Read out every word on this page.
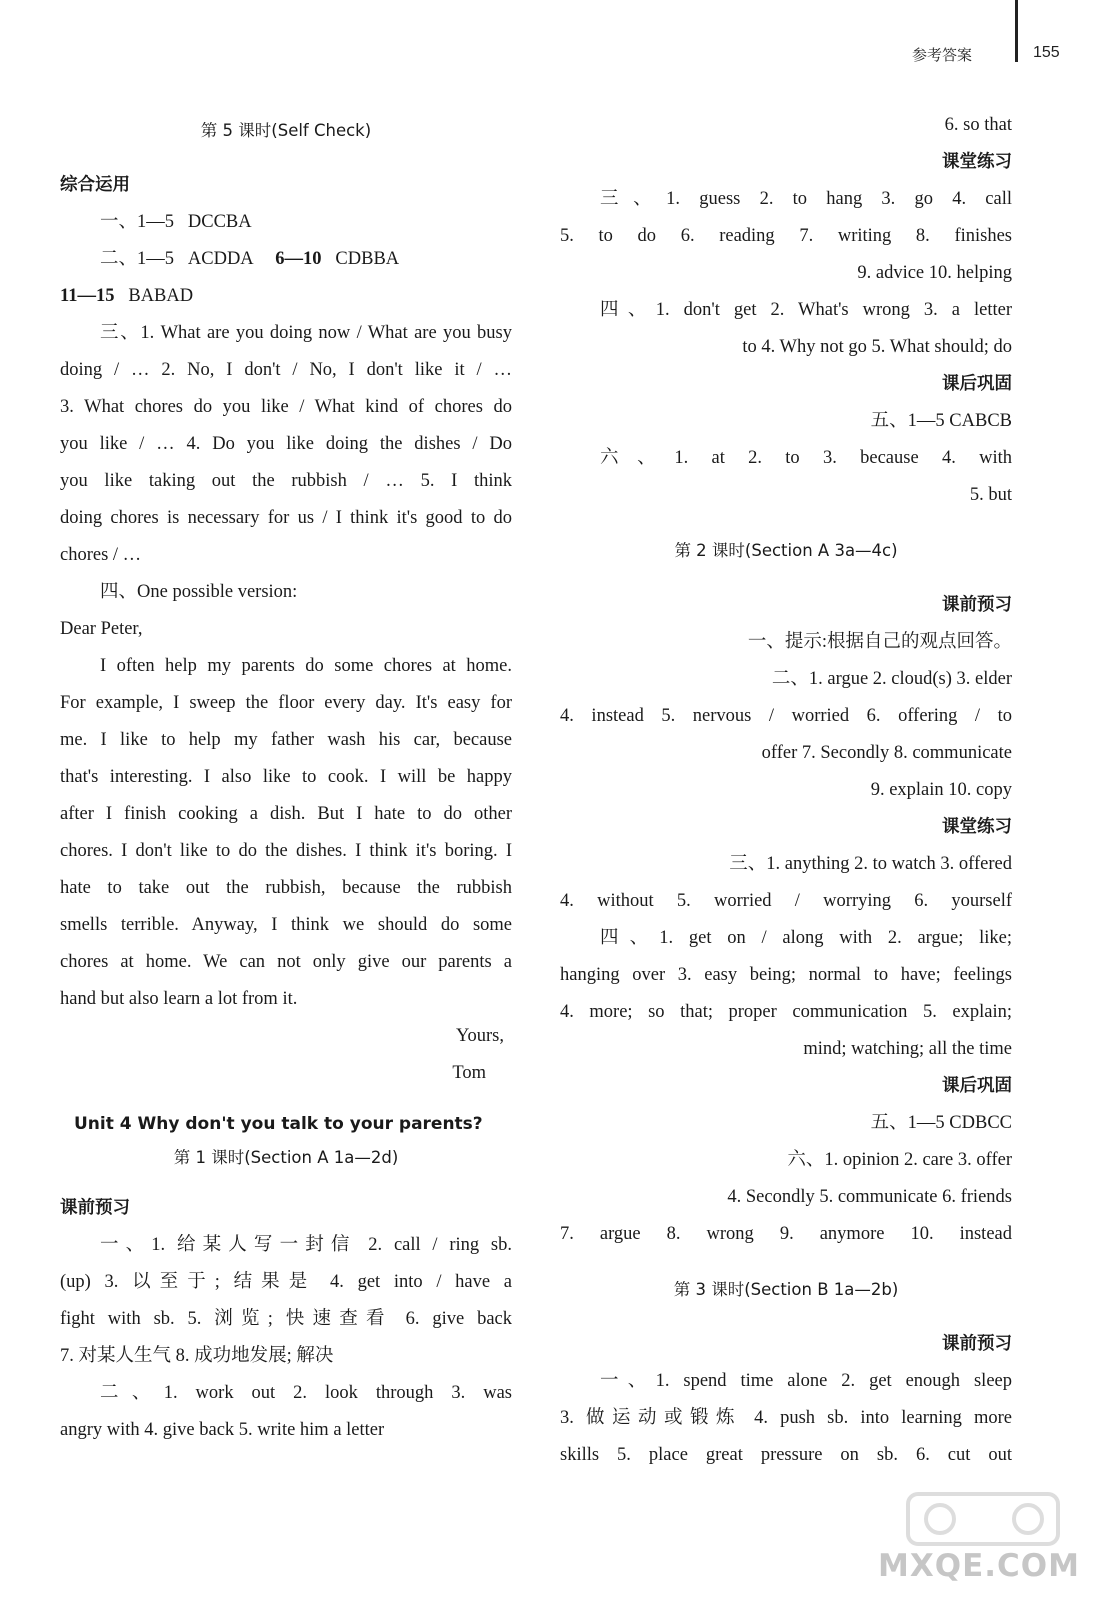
参考答案	155
第 5 课时(Self Check)
综合运用
一、1—5 DCCBA
二、1—5 ACDDA 6—10 CDBBA
11—15 BABAD
三、1. What are you doing now / What are you busy
doing / … 2. No, I don't / No, I don't like it / …
3. What chores do you like / What kind of chores do
you like / … 4. Do you like doing the dishes / Do
you like taking out the rubbish / … 5. I think
doing chores is necessary for us / I think it's good to do
chores / …
四、One possible version:
Dear Peter,
I often help my parents do some chores at home.
For example, I sweep the floor every day. It's easy for
me. I like to help my father wash his car, because
that's interesting. I also like to cook. I will be happy
after I finish cooking a dish. But I hate to do other
chores. I don't like to do the dishes. I think it's boring. I
hate to take out the rubbish, because the rubbish
smells terrible. Anyway, I think we should do some
chores at home. We can not only give our parents a
hand but also learn a lot from it.
Yours,
Tom
Unit 4 Why don't you talk to your parents?
第 1 课时(Section A 1a—2d)
课前预习
一、1. 给某人写一封信 2. call / ring sb.
(up) 3. 以至于; 结果是 4. get into / have a
fight with sb. 5. 浏览; 快速查看 6. give back
7. 对某人生气 8. 成功地发展; 解决
二、1. work out 2. look through 3. was
angry with 4. give back 5. write him a letter
6. so that
课堂练习
三、1. guess 2. to hang 3. go 4. call
5. to do 6. reading 7. writing 8. finishes
9. advice 10. helping
四、1. don't get 2. What's wrong 3. a letter
to 4. Why not go 5. What should; do
课后巩固
五、1—5 CABCB
六、1. at 2. to 3. because 4. with
5. but
第 2 课时(Section A 3a—4c)
课前预习
一、提示:根据自己的观点回答。
二、1. argue 2. cloud(s) 3. elder
4. instead 5. nervous / worried 6. offering / to
offer 7. Secondly 8. communicate
9. explain 10. copy
课堂练习
三、1. anything 2. to watch 3. offered
4. without 5. worried / worrying 6. yourself
四、1. get on / along with 2. argue; like;
hanging over 3. easy being; normal to have; feelings
4. more; so that; proper communication 5. explain;
mind; watching; all the time
课后巩固
五、1—5 CDBCC
六、1. opinion 2. care 3. offer
4. Secondly 5. communicate 6. friends
7. argue 8. wrong 9. anymore 10. instead
第 3 课时(Section B 1a—2b)
课前预习
一、1. spend time alone 2. get enough sleep
3. 做运动或锻炼 4. push sb. into learning more
skills 5. place great pressure on sb. 6. cut out
MXQE.COM
